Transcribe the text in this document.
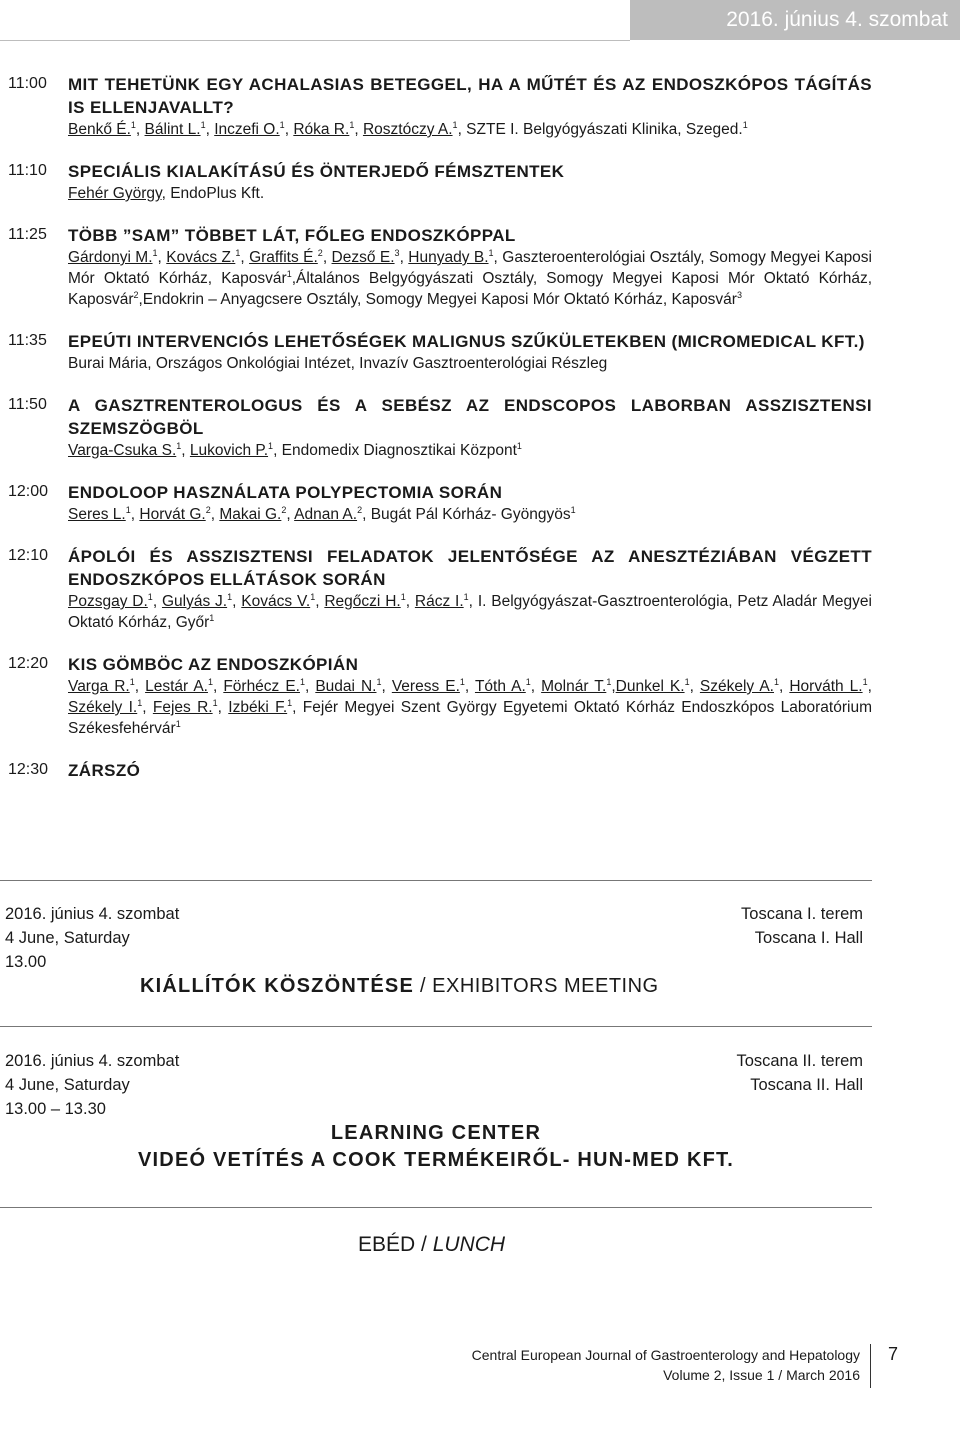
2016. június 4. szombat
11:00 MIT TEHETÜNK EGY ACHALASIAS BETEGGEL, HA A MŰTÉT ÉS AZ ENDOSZKÓPOS TÁGÍTÁS IS ELLENJAVALLT?
Benkő É.$^1$, Bálint L.$^1$, Inczefi O.$^1$, Róka R.$^1$, Rosztóczy A.$^1$, SZTE I. Belgyógyászati Klinika, Szeged.$^1$
11:10 SPECIÁLIS KIALAKÍTÁSÚ ÉS ÖNTERJEDŐ FÉMSZTENTEK
Fehér György, EndoPlus Kft.
11:25 TÖBB ”SAM” TÖBBET LÁT, FŐLEG ENDOSZKÓPPAL
Gárdonyi M.$^1$, Kovács Z.$^1$, Graffits É.$^2$, Dezső E.$^3$, Hunyady B.$^1$, Gaszteroenterológiai Osztály, Somogy Megyei Kaposi Mór Oktató Kórház, Kaposvár$^1$,Általános Belgyógyászati Osztály, Somogy Megyei Kaposi Mór Oktató Kórház, Kaposvár$^2$,Endokrin – Anyagcsere Osztály, Somogy Megyei Kaposi Mór Oktató Kórház, Kaposvár$^3$
11:35 EPEÚTI INTERVENCIÓS LEHETŐSÉGEK MALIGNUS SZŰKÜLETEKBEN (MICROMEDICAL KFT.)
Burai Mária, Országos Onkológiai Intézet, Invazív Gasztroenterológiai Részleg
11:50 A GASZTRENTEROLOGUS ÉS A SEBÉSZ AZ ENDSCOPOS LABORBAN ASSZISZTENSI SZEMSZÖGBÖL
Varga-Csuka S.$^1$, Lukovich P.$^1$, Endomedix Diagnosztikai Központ$^1$
12:00 ENDOLOOP HASZNÁLATA POLYPECTOMIA SORÁN
Seres L.$^1$, Horvát G.$^2$, Makai G.$^2$, Adnan A.$^2$, Bugát Pál Kórház- Gyöngyös$^1$
12:10 ÁPOLÓI ÉS ASSZISZTENSI FELADATOK JELENTŐSÉGE AZ ANESZTÉZIÁBAN VÉGZETT ENDOSZKÓPOS ELLÁTÁSOK SORÁN
Pozsgay D.$^1$, Gulyás J.$^1$, Kovács V.$^1$, Regőczi H.$^1$, Rácz I.$^1$, I. Belgyógyászat-Gasztroenterológia, Petz Aladár Megyei Oktató Kórház, Győr$^1$
12:20 KIS GÖMBÖC AZ ENDOSZKÓPIÁN
Varga R.$^1$, Lestár A.$^1$, Förhécz E.$^1$, Budai N.$^1$, Veress E.$^1$, Tóth A.$^1$, Molnár T.$^1$,Dunkel K.$^1$, Székely A.$^1$, Horváth L.$^1$, Székely I.$^1$, Fejes R.$^1$, Izbéki F.$^1$, Fejér Megyei Szent György Egyetemi Oktató Kórház Endoszkópos Laboratórium Székesfehérvár$^1$
12:30 ZÁRSZÓ
2016. június 4. szombat
4 June, Saturday
13.00
Toscana I. terem
Toscana I. Hall
KIÁLLÍTÓK KÖSZÖNTÉSE / EXHIBITORS MEETING
2016. június 4. szombat
4 June, Saturday
13.00 – 13.30
Toscana II. terem
Toscana II. Hall
LEARNING CENTER
VIDEÓ VETÍTÉS A COOK TERMÉKEIRŐL- HUN-MED KFT.
EBÉD / LUNCH
Central European Journal of Gastroenterology and Hepatology
Volume 2, Issue 1 / March 2016
7
